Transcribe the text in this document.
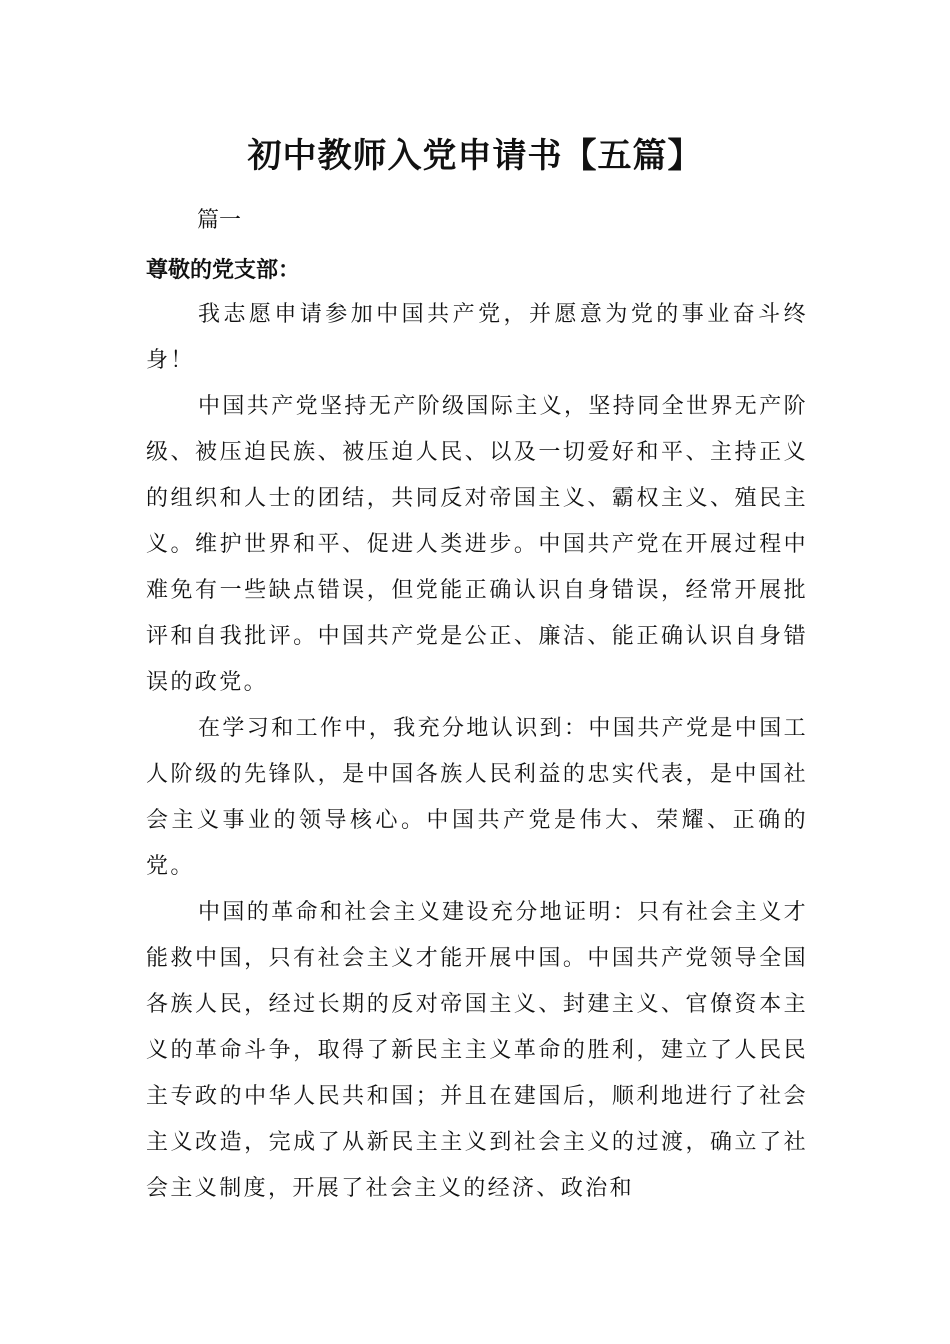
初中教师入党申请书【五篇】
篇一
尊敬的党支部：

我志愿申请参加中国共产党，并愿意为党的事业奋斗终身！

中国共产党坚持无产阶级国际主义，坚持同全世界无产阶级、被压迫民族、被压迫人民、以及一切爱好和平、主持正义的组织和人士的团结，共同反对帝国主义、霸权主义、殖民主义。维护世界和平、促进人类进步。中国共产党在开展过程中难免有一些缺点错误，但党能正确认识自身错误，经常开展批评和自我批评。中国共产党是公正、廉洁、能正确认识自身错误的政党。

在学习和工作中，我充分地认识到：中国共产党是中国工人阶级的先锋队，是中国各族人民利益的忠实代表，是中国社会主义事业的领导核心。中国共产党是伟大、荣耀、正确的党。

中国的革命和社会主义建设充分地证明：只有社会主义才能救中国，只有社会主义才能开展中国。中国共产党领导全国各族人民，经过长期的反对帝国主义、封建主义、官僚资本主义的革命斗争，取得了新民主主义革命的胜利，建立了人民民主专政的中华人民共和国；并且在建国后，顺利地进行了社会主义改造，完成了从新民主主义到社会主义的过渡，确立了社会主义制度，开展了社会主义的经济、政治和
